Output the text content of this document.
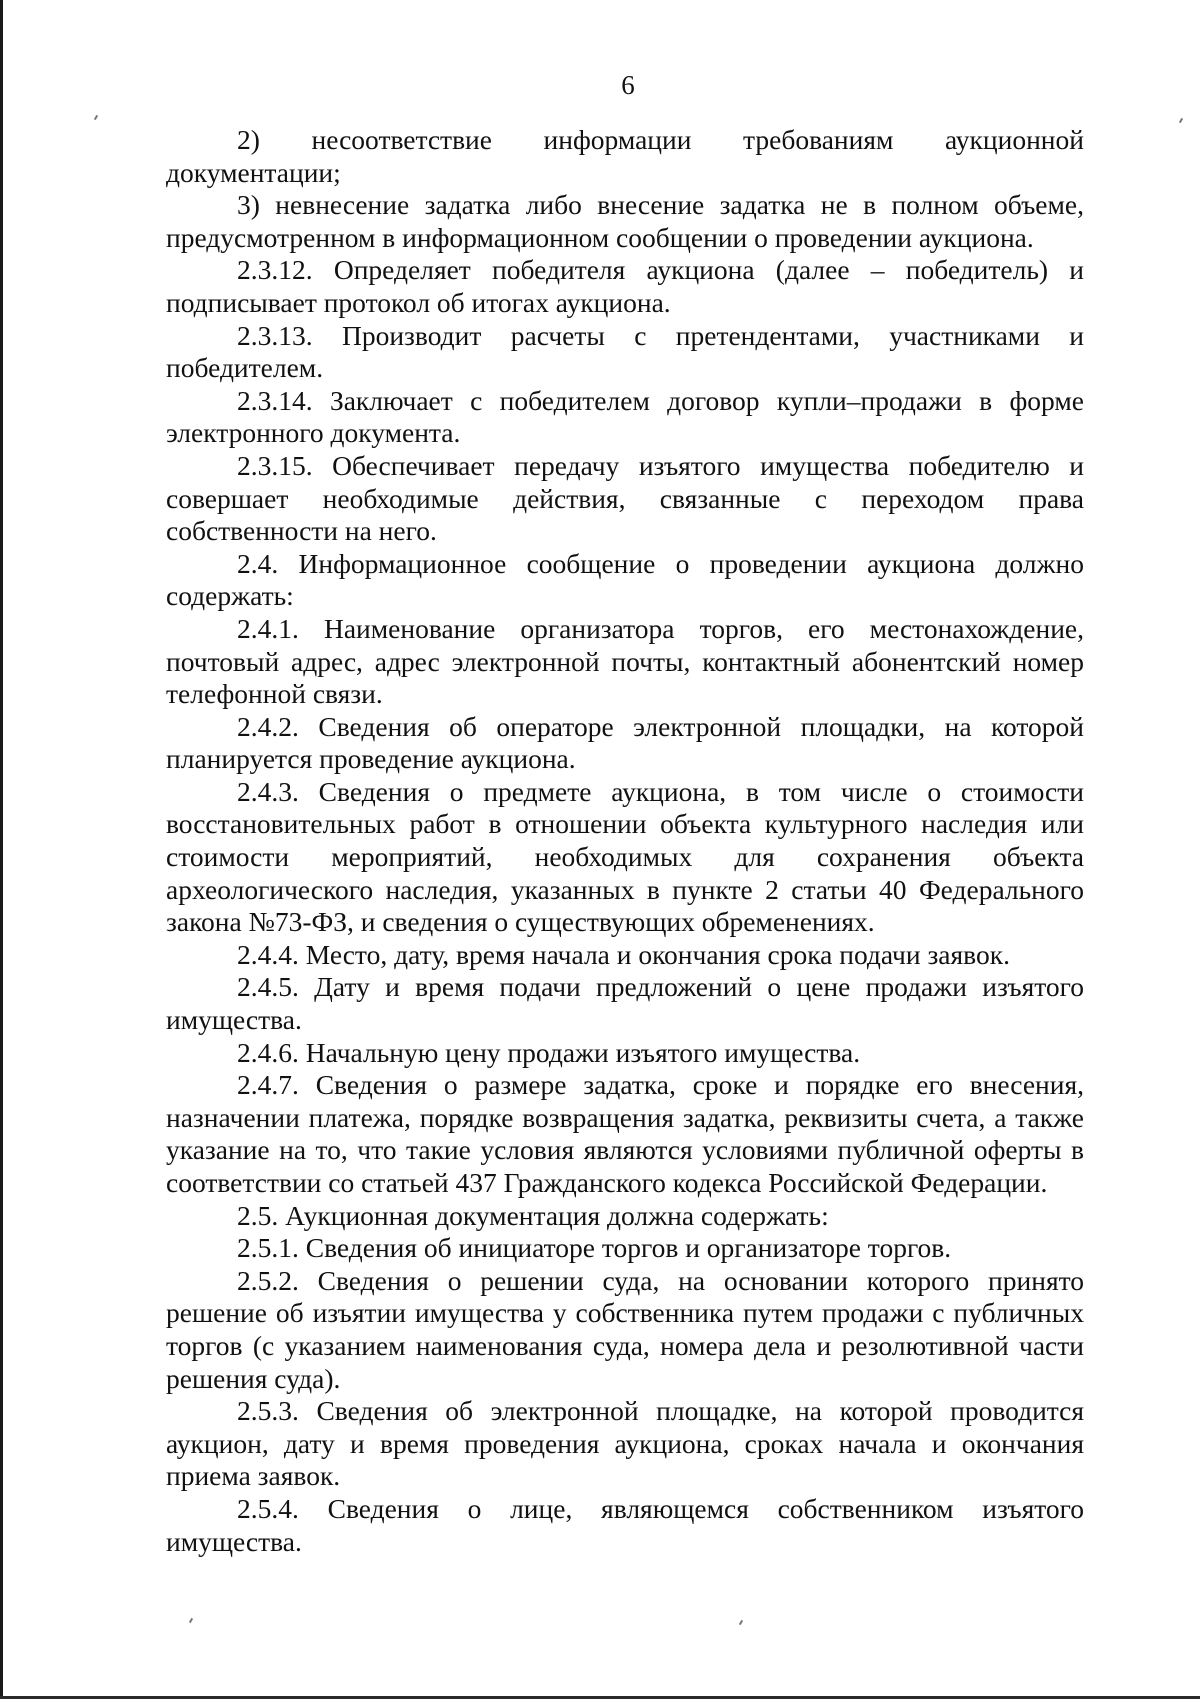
6

2) несоответствие информации требованиям аукционной документации;

3) невнесение задатка либо внесение задатка не в полном объеме, предусмотренном в информационном сообщении о проведении аукциона.

2.3.12. Определяет победителя аукциона (далее – победитель) и подписывает протокол об итогах аукциона.

2.3.13. Производит расчеты с претендентами, участниками и победителем.

2.3.14. Заключает с победителем договор купли–продажи в форме электронного документа.

2.3.15. Обеспечивает передачу изъятого имущества победителю и совершает необходимые действия, связанные с переходом права собственности на него.

2.4. Информационное сообщение о проведении аукциона должно содержать:

2.4.1. Наименование организатора торгов, его местонахождение, почтовый адрес, адрес электронной почты, контактный абонентский номер телефонной связи.

2.4.2. Сведения об операторе электронной площадки, на которой планируется проведение аукциона.

2.4.3. Сведения о предмете аукциона, в том числе о стоимости восстановительных работ в отношении объекта культурного наследия или стоимости мероприятий, необходимых для сохранения объекта археологического наследия, указанных в пункте 2 статьи 40 Федерального закона №73-ФЗ, и сведения о существующих обременениях.

2.4.4. Место, дату, время начала и окончания срока подачи заявок.

2.4.5. Дату и время подачи предложений о цене продажи изъятого имущества.

2.4.6. Начальную цену продажи изъятого имущества.

2.4.7. Сведения о размере задатка, сроке и порядке его внесения, назначении платежа, порядке возвращения задатка, реквизиты счета, а также указание на то, что такие условия являются условиями публичной оферты в соответствии со статьей 437 Гражданского кодекса Российской Федерации.

2.5. Аукционная документация должна содержать:

2.5.1. Сведения об инициаторе торгов и организаторе торгов.

2.5.2. Сведения о решении суда, на основании которого принято решение об изъятии имущества у собственника путем продажи с публичных торгов (с указанием наименования суда, номера дела и резолютивной части решения суда).

2.5.3. Сведения об электронной площадке, на которой проводится аукцион, дату и время проведения аукциона, сроках начала и окончания приема заявок.

2.5.4. Сведения о лице, являющемся собственником изъятого имущества.
